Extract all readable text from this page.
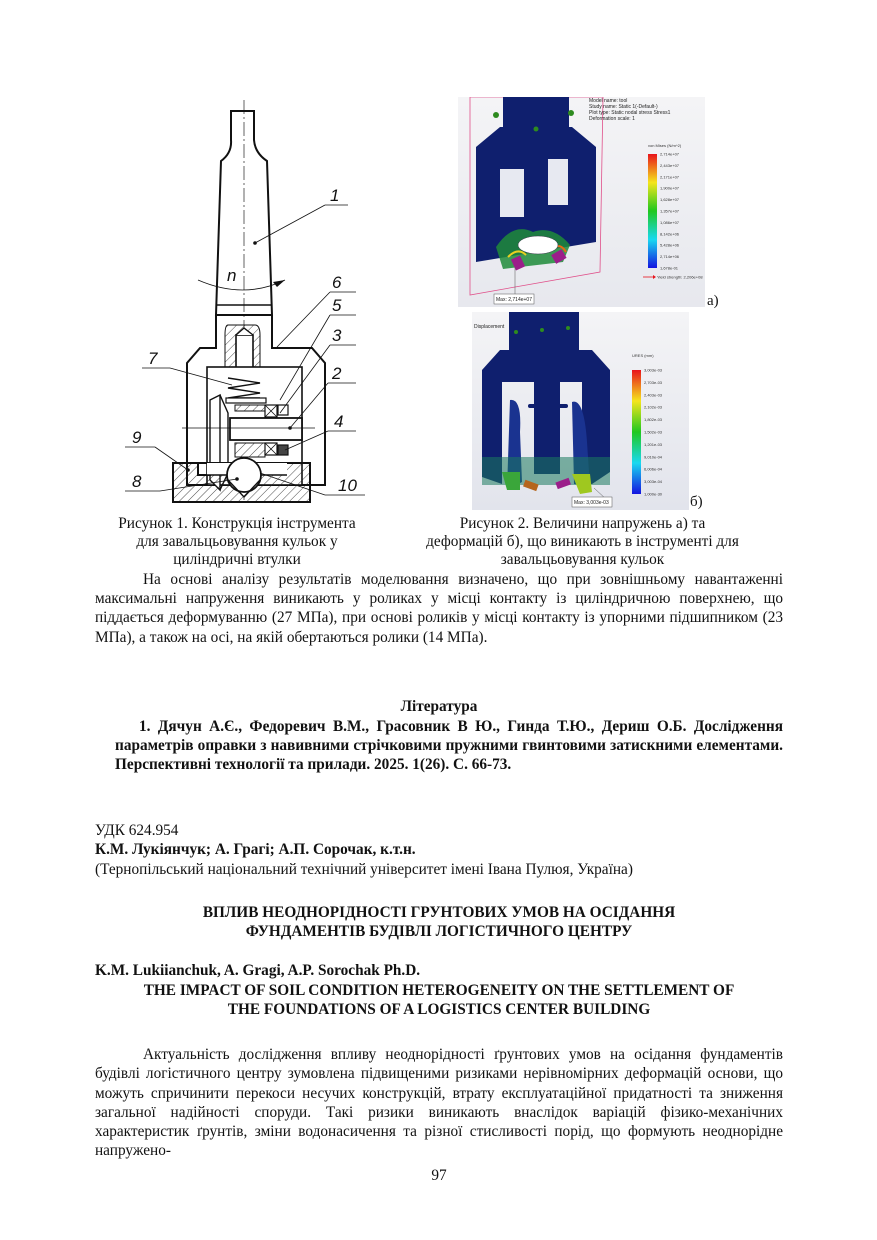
n
1
6
5
3
2
4
10
7
9
8
Model name: tool
Study name: Static 1(-Default-)
Plot type: Static nodal stress Stress1
Deformation scale: 1
von Mises (N/m^2)
2,714e+07
2,443e+07
2,171e+07
1,900e+07
1,628e+07
1,357e+07
1,086e+07
8,142e+06
5,428e+06
2,714e+06
1,678e-01
Yield strength: 2,206e+08
Max: 2,714e+07	а)
Displacement
URES (mm)
3,003e-03
2,703e-03
2,403e-03
2,102e-03
1,802e-03
1,502e-03
1,201e-03
9,010e-04
6,006e-04
3,003e-04
1,000e-30
Max: 3,003e-03	б)
Рисунок 1. Конструкція інструмента
для завальцьовування кульок у
циліндричні втулки
Рисунок 2. Величини напружень а) та
деформацій б), що виникають в інструменті для
завальцьовування кульок

На основі аналізу результатів моделювання визначено, що при зовнішньому навантаженні максимальні напруження виникають у роликах у місці контакту із циліндричною поверхнею, що піддається деформуванню (27 МПа), при основі роликів у місці контакту із упорними підшипником (23 МПа), а також на осі, на якій обертаються ролики (14 МПа).

Література

1. Дячун А.Є., Федоревич В.М., Грасовник В Ю., Гинда Т.Ю., Дериш О.Б. Дослідження параметрів оправки з навивними стрічковими пружними гвинтовими затискними елементами. Перспективні технології та прилади. 2025. 1(26). С. 66-73.

УДК 624.954
К.М. Лукіянчук; А. Грагі; А.П. Сорочак, к.т.н.
(Тернопільський національний технічний університет імені Івана Пулюя, Україна)
ВПЛИВ НЕОДНОРІДНОСТІ ГРУНТОВИХ УМОВ НА ОСІДАННЯ
ФУНДАМЕНТІВ БУДІВЛІ ЛОГІСТИЧНОГО ЦЕНТРУ
K.M. Lukiianchuk, A. Gragi, A.P. Sorochak Ph.D.
THE IMPACT OF SOIL CONDITION HETEROGENEITY ON THE SETTLEMENT OF
THE FOUNDATIONS OF A LOGISTICS CENTER BUILDING

Актуальність дослідження впливу неоднорідності ґрунтових умов на осідання фундаментів будівлі логістичного центру зумовлена підвищеними ризиками нерівномірних деформацій основи, що можуть спричинити перекоси несучих конструкцій, втрату експлуатаційної придатності та зниження загальної надійності споруди. Такі ризики виникають внаслідок варіацій фізико-механічних характеристик ґрунтів, зміни водонасичення та різної стисливості порід, що формують неоднорідне напружено-

97
